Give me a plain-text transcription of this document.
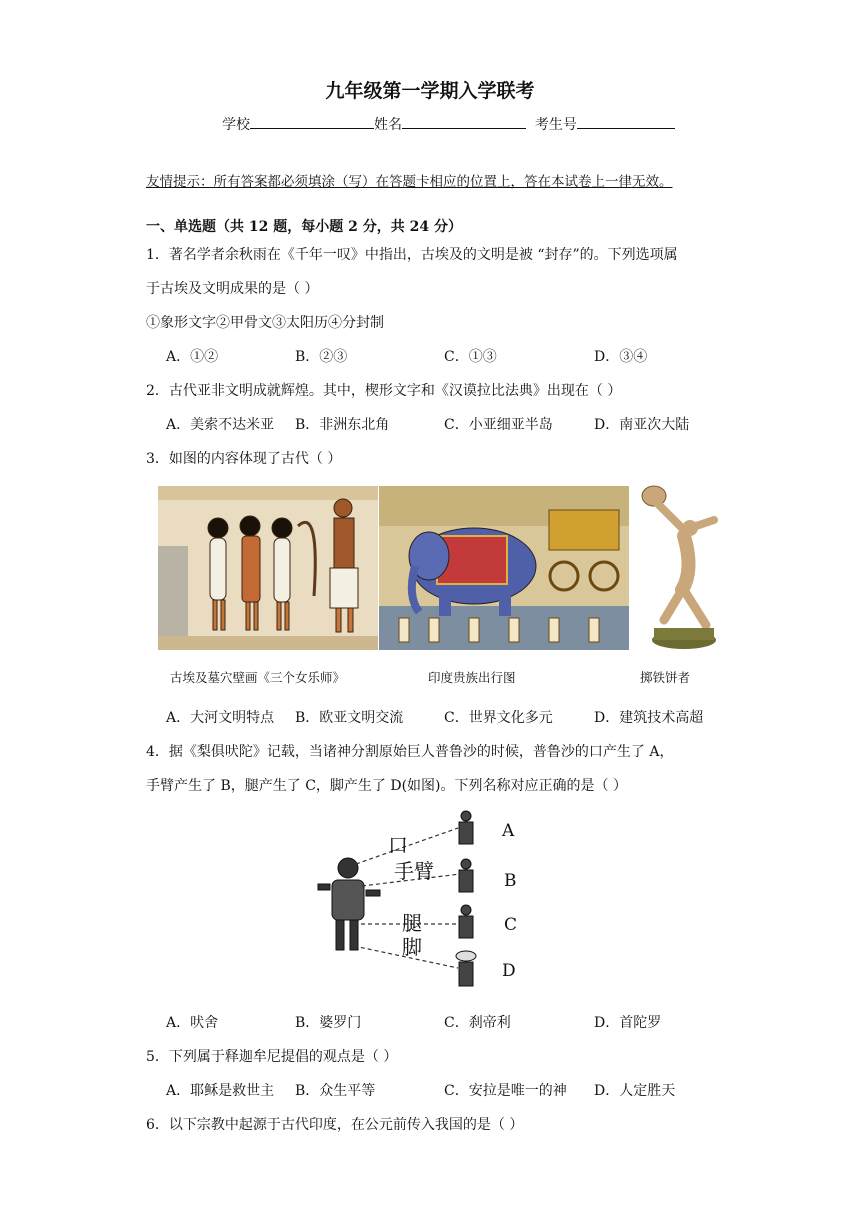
九年级第一学期入学联考
学校	姓名	考生号
友情提示：所有答案都必须填涂（写）在答题卡相应的位置上，答在本试卷上一律无效。
一、单选题（共 12 题，每小题 2 分，共 24 分）
1．著名学者余秋雨在《千年一叹》中指出，古埃及的文明是被 “封存”的。下列选项属
于古埃及文明成果的是（ ）
①象形文字②甲骨文③太阳历④分封制
A．①②	B．②③	C．①③	D．③④
2．古代亚非文明成就辉煌。其中，楔形文字和《汉谟拉比法典》出现在（ ）
A．美索不达米亚 B．非洲东北角	C．小亚细亚半岛	D．南亚次大陆
3．如图的内容体现了古代（ ）
古埃及墓穴壁画《三个女乐师》	印度贵族出行图	掷铁饼者
A．大河文明特点 B．欧亚文明交流	C．世界文化多元	D．建筑技术高超
4．据《梨俱吠陀》记载，当诸神分割原始巨人普鲁沙的时候，普鲁沙的口产生了 A，
手臂产生了 B，腿产生了 C，脚产生了 D(如图)。下列名称对应正确的是（ ）
口
手臂
腿
脚
A
B
C
D
A．吠舍	B．婆罗门	C．刹帝利	D．首陀罗
5．下列属于释迦牟尼提倡的观点是（ ）
A．耶稣是救世主 B．众生平等	C．安拉是唯一的神 D．人定胜天
6．以下宗教中起源于古代印度，在公元前传入我国的是（ ）
